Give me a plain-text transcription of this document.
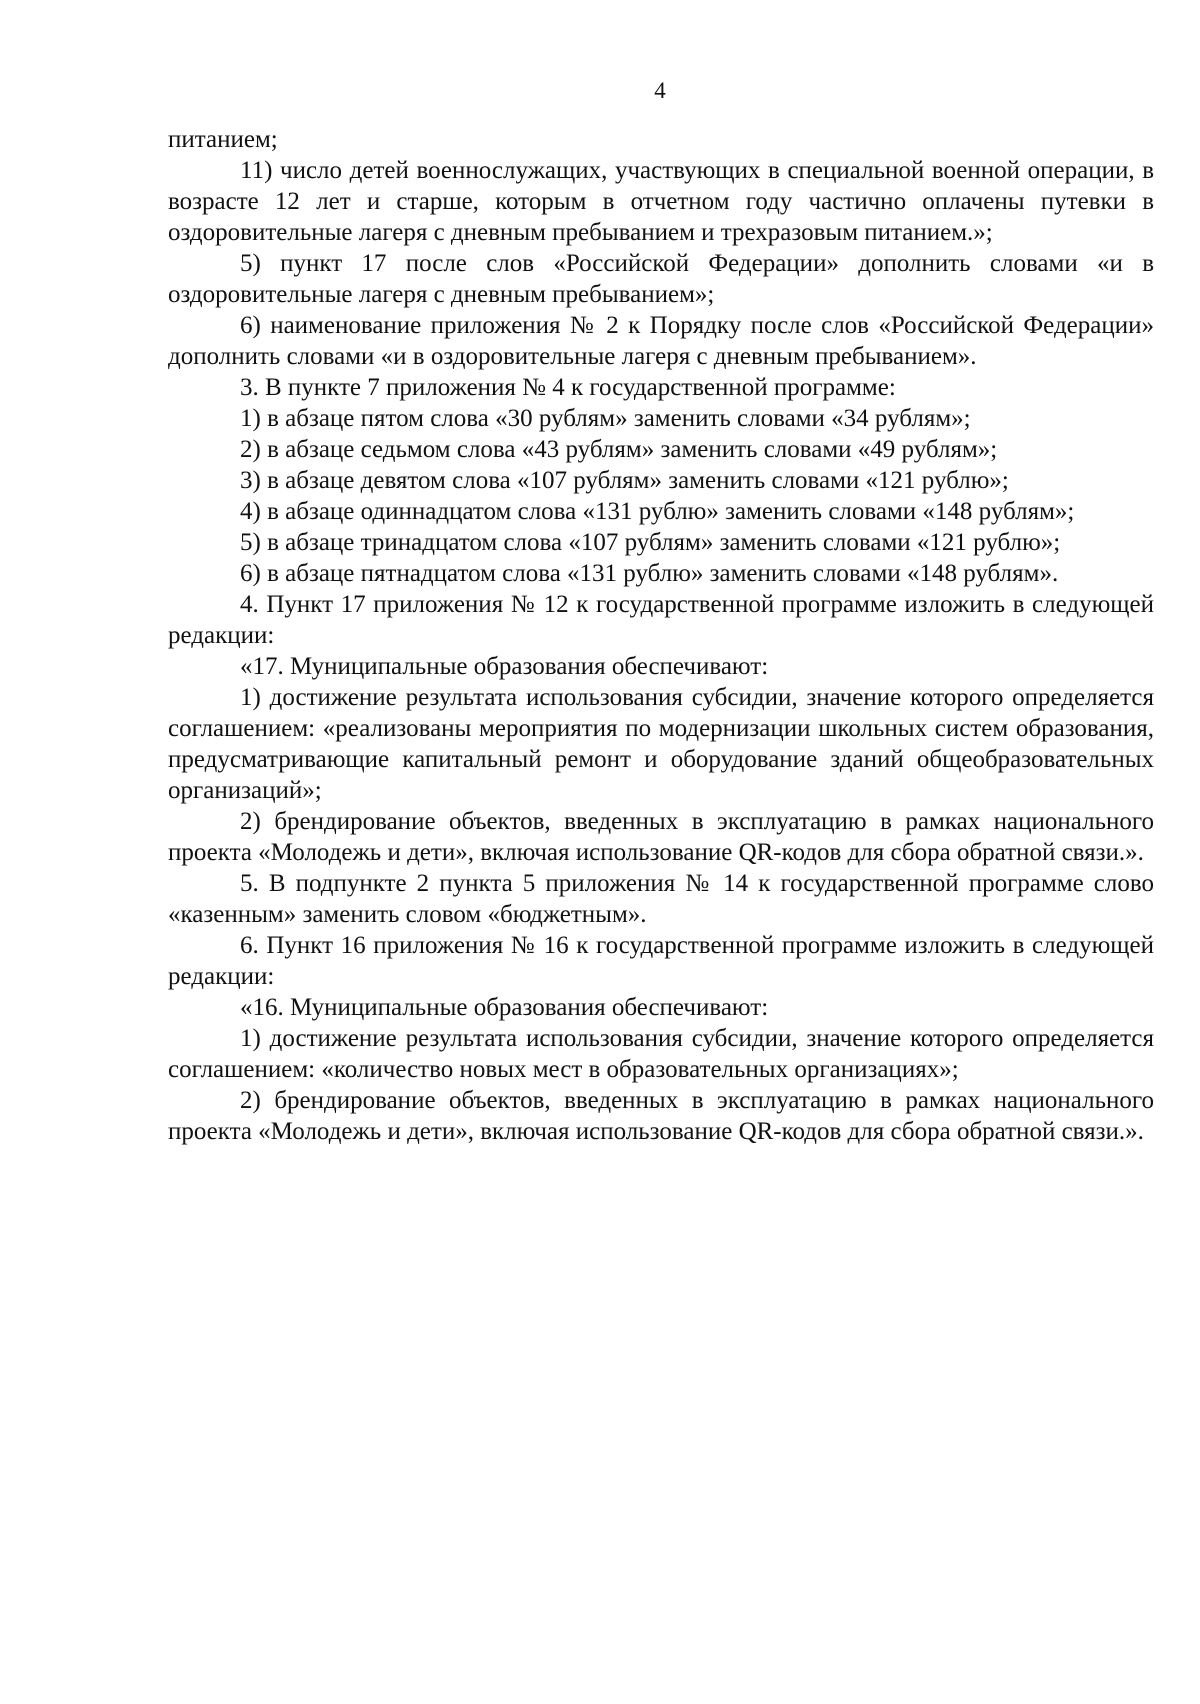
4

питанием;

11) число детей военнослужащих, участвующих в специальной военной операции, в возрасте 12 лет и старше, которым в отчетном году частично оплачены путевки в оздоровительные лагеря с дневным пребыванием и трехразовым питанием.»;

5) пункт 17 после слов «Российской Федерации» дополнить словами «и в оздоровительные лагеря с дневным пребыванием»;

6) наименование приложения № 2 к Порядку после слов «Российской Федерации» дополнить словами «и в оздоровительные лагеря с дневным пребыванием».

3. В пункте 7 приложения № 4 к государственной программе:

1) в абзаце пятом слова «30 рублям» заменить словами «34 рублям»;

2) в абзаце седьмом слова «43 рублям» заменить словами «49 рублям»;

3) в абзаце девятом слова «107 рублям» заменить словами «121 рублю»;

4) в абзаце одиннадцатом слова «131 рублю» заменить словами «148 рублям»;

5) в абзаце тринадцатом слова «107 рублям» заменить словами «121 рублю»;

6) в абзаце пятнадцатом слова «131 рублю» заменить словами «148 рублям».

4. Пункт 17 приложения № 12 к государственной программе изложить в следующей редакции:

«17. Муниципальные образования обеспечивают:

1) достижение результата использования субсидии, значение которого определяется соглашением: «реализованы мероприятия по модернизации школьных систем образования, предусматривающие капитальный ремонт и оборудование зданий общеобразовательных организаций»;

2) брендирование объектов, введенных в эксплуатацию в рамках национального проекта «Молодежь и дети», включая использование QR-кодов для сбора обратной связи.».

5. В подпункте 2 пункта 5 приложения № 14 к государственной программе слово «казенным» заменить словом «бюджетным».

6. Пункт 16 приложения № 16 к государственной программе изложить в следующей редакции:

«16. Муниципальные образования обеспечивают:

1) достижение результата использования субсидии, значение которого определяется соглашением: «количество новых мест в образовательных организациях»;

2) брендирование объектов, введенных в эксплуатацию в рамках национального проекта «Молодежь и дети», включая использование QR-кодов для сбора обратной связи.».
